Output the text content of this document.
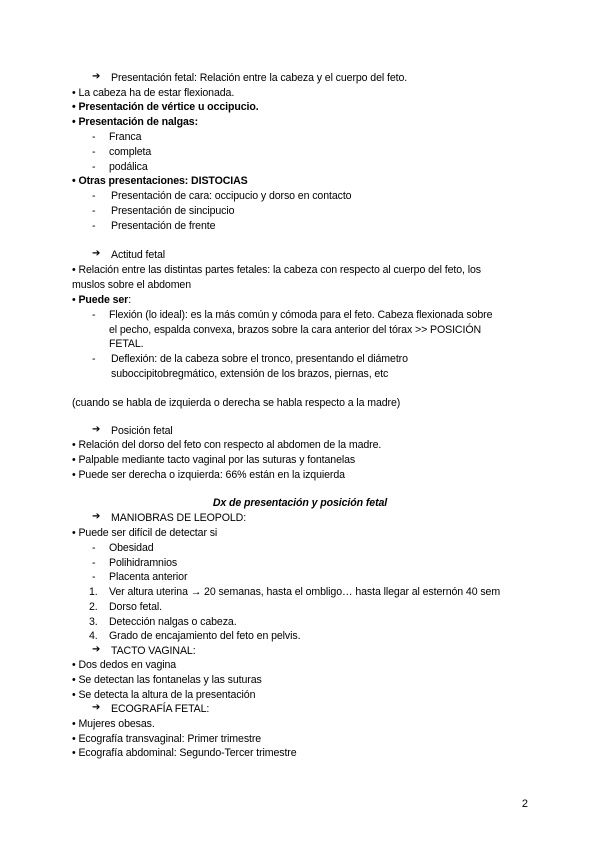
➔ Presentación fetal: Relación entre la cabeza y el cuerpo del feto.
• La cabeza ha de estar flexionada.
• Presentación de vértice u occipucio.
• Presentación de nalgas:
- Franca
- completa
- podálica
• Otras presentaciones: DISTOCIAS
- Presentación de cara: occipucio y dorso en contacto
- Presentación de sincipucio
- Presentación de frente
➔ Actitud fetal
• Relación entre las distintas partes fetales: la cabeza con respecto al cuerpo del feto, los
muslos sobre el abdomen
• Puede ser:
- Flexión (lo ideal): es la más común y cómoda para el feto. Cabeza flexionada sobre
el pecho, espalda convexa, brazos sobre la cara anterior del tórax >> POSICIÓN
FETAL.
- Deflexión: de la cabeza sobre el tronco, presentando el diámetro
suboccipitobregmático, extensión de los brazos, piernas, etc
(cuando se habla de izquierda o derecha se habla respecto a la madre)
➔ Posición fetal
• Relación del dorso del feto con respecto al abdomen de la madre.
• Palpable mediante tacto vaginal por las suturas y fontanelas
• Puede ser derecha o izquierda: 66% están en la izquierda
Dx de presentación y posición fetal
➔ MANIOBRAS DE LEOPOLD:
• Puede ser difícil de detectar si
- Obesidad
- Polihidramnios
- Placenta anterior
1. Ver altura uterina → 20 semanas, hasta el ombligo… hasta llegar al esternón 40 sem
2. Dorso fetal.
3. Detección nalgas o cabeza.
4. Grado de encajamiento del feto en pelvis.
➔ TACTO VAGINAL:
• Dos dedos en vagina
• Se detectan las fontanelas y las suturas
• Se detecta la altura de la presentación
➔ ECOGRAFÍA FETAL:
• Mujeres obesas.
• Ecografía transvaginal: Primer trimestre
• Ecografía abdominal: Segundo-Tercer trimestre
2
